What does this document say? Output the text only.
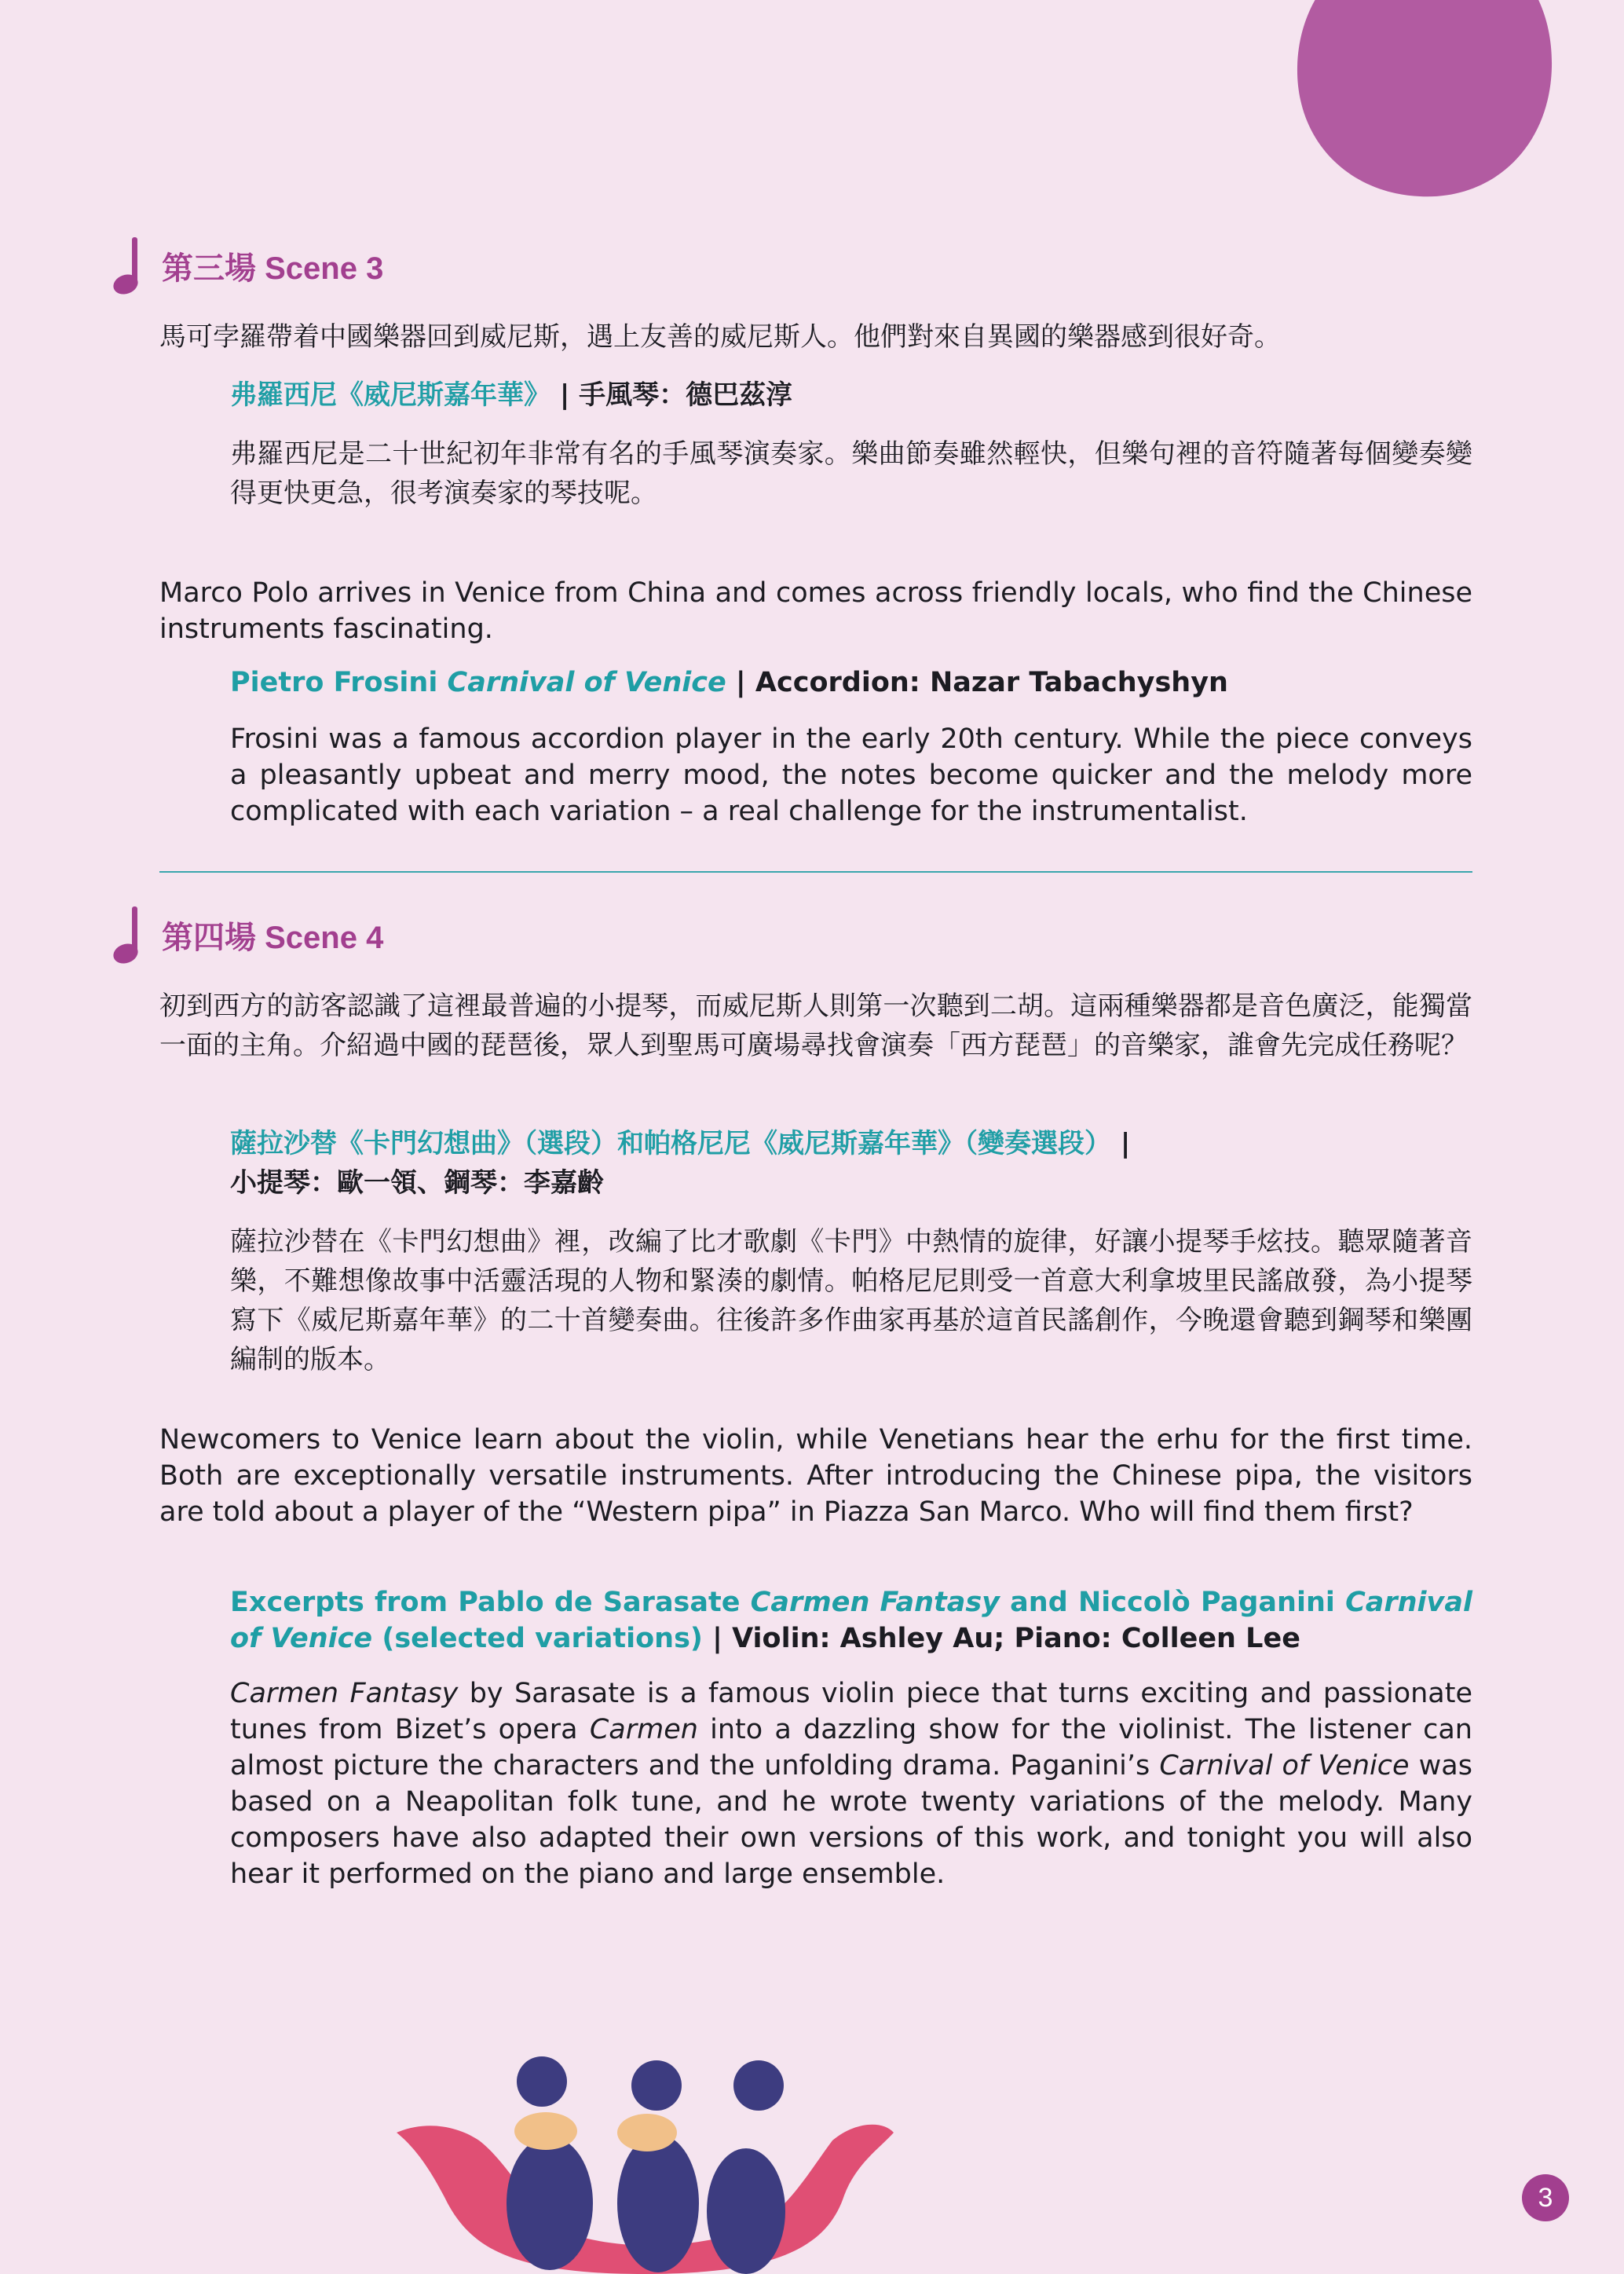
第三場 Scene 3

馬可孛羅帶着中國樂器回到威尼斯，遇上友善的威尼斯人。他們對來自異國的樂器感到很好奇。

弗羅西尼《威尼斯嘉年華》 | 手風琴：德巴茲淳

弗羅西尼是二十世紀初年非常有名的手風琴演奏家。樂曲節奏雖然輕快，但樂句裡的音符隨著每個變奏變得更快更急，很考演奏家的琴技呢。

Marco Polo arrives in Venice from China and comes across friendly locals, who find the Chinese instruments fascinating.

Pietro Frosini Carnival of Venice | Accordion: Nazar Tabachyshyn

Frosini was a famous accordion player in the early 20th century. While the piece conveys a pleasantly upbeat and merry mood, the notes become quicker and the melody more complicated with each variation – a real challenge for the instrumentalist.

第四場 Scene 4

初到西方的訪客認識了這裡最普遍的小提琴，而威尼斯人則第一次聽到二胡。這兩種樂器都是音色廣泛，能獨當一面的主角。介紹過中國的琵琶後，眾人到聖馬可廣場尋找會演奏「西方琵琶」的音樂家，誰會先完成任務呢？

薩拉沙替《卡門幻想曲》（選段）和帕格尼尼《威尼斯嘉年華》（變奏選段） |
小提琴：歐一領、鋼琴：李嘉齡

薩拉沙替在《卡門幻想曲》裡，改編了比才歌劇《卡門》中熱情的旋律，好讓小提琴手炫技。聽眾隨著音樂，不難想像故事中活靈活現的人物和緊湊的劇情。帕格尼尼則受一首意大利拿坡里民謠啟發，為小提琴寫下《威尼斯嘉年華》的二十首變奏曲。往後許多作曲家再基於這首民謠創作，今晚還會聽到鋼琴和樂團編制的版本。

Newcomers to Venice learn about the violin, while Venetians hear the erhu for the first time. Both are exceptionally versatile instruments. After introducing the Chinese pipa, the visitors are told about a player of the “Western pipa” in Piazza San Marco. Who will find them first?

Excerpts from Pablo de Sarasate Carmen Fantasy and Niccolò Paganini Carnival of Venice (selected variations) | Violin: Ashley Au; Piano: Colleen Lee

Carmen Fantasy by Sarasate is a famous violin piece that turns exciting and passionate tunes from Bizet’s opera Carmen into a dazzling show for the violinist. The listener can almost picture the characters and the unfolding drama. Paganini’s Carnival of Venice was based on a Neapolitan folk tune, and he wrote twenty variations of the melody. Many composers have also adapted their own versions of this work, and tonight you will also hear it performed on the piano and large ensemble.

3
